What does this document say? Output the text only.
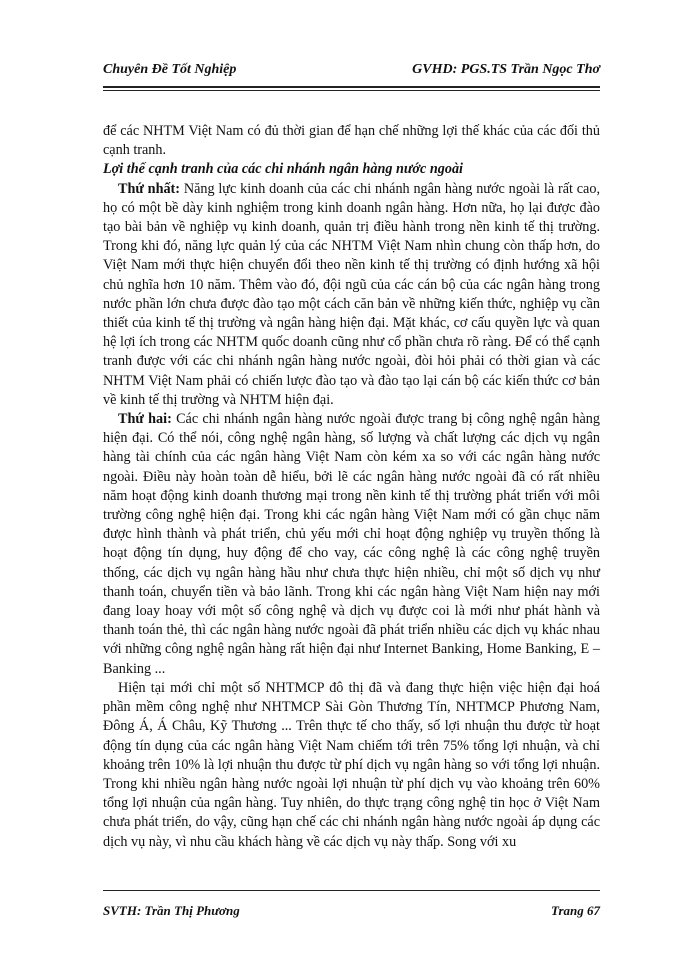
Chuyên Đề Tốt Nghiệp	GVHD: PGS.TS Trần Ngọc Thơ

để các NHTM Việt Nam có đủ thời gian để hạn chế những lợi thế khác của các đối thủ cạnh tranh.

Lợi thế cạnh tranh của các chi nhánh ngân hàng nước ngoài

Thứ nhất: Năng lực kinh doanh của các chi nhánh ngân hàng nước ngoài là rất cao, họ có một bề dày kinh nghiệm trong kinh doanh ngân hàng. Hơn nữa, họ lại được đào tạo bài bản về nghiệp vụ kinh doanh, quản trị điều hành trong nền kinh tế thị trường. Trong khi đó, năng lực quản lý của các NHTM Việt Nam nhìn chung còn thấp hơn, do Việt Nam mới thực hiện chuyển đổi theo nền kinh tế thị trường có định hướng xã hội chủ nghĩa hơn 10 năm. Thêm vào đó, đội ngũ của các cán bộ của các ngân hàng trong nước phần lớn chưa được đào tạo một cách căn bản về những kiến thức, nghiệp vụ cần thiết của kinh tế thị trường và ngân hàng hiện đại. Mặt khác, cơ cấu quyền lực và quan hệ lợi ích trong các NHTM quốc doanh cũng như cổ phần chưa rõ ràng. Để có thể cạnh tranh được với các chi nhánh ngân hàng nước ngoài, đòi hỏi phải có thời gian và các NHTM Việt Nam phải có chiến lược đào tạo và đào tạo lại cán bộ các kiến thức cơ bản về kinh tế thị trường và NHTM hiện đại.

Thứ hai: Các chi nhánh ngân hàng nước ngoài được trang bị công nghệ ngân hàng hiện đại. Có thể nói, công nghệ ngân hàng, số lượng và chất lượng các dịch vụ ngân hàng tài chính của các ngân hàng Việt Nam còn kém xa so với các ngân hàng nước ngoài. Điều này hoàn toàn dễ hiểu, bởi lẽ các ngân hàng nước ngoài đã có rất nhiều năm hoạt động kinh doanh thương mại trong nền kinh tế thị trường phát triển với môi trường công nghệ hiện đại. Trong khi các ngân hàng Việt Nam mới có gần chục năm được hình thành và phát triển, chủ yếu mới chỉ hoạt động nghiệp vụ truyền thống là hoạt động tín dụng, huy động để cho vay, các công nghệ là các công nghệ truyền thống, các dịch vụ ngân hàng hầu như chưa thực hiện nhiều, chỉ một số dịch vụ như thanh toán, chuyển tiền và bảo lãnh. Trong khi các ngân hàng Việt Nam hiện nay mới đang loay hoay với một số công nghệ và dịch vụ được coi là mới như phát hành và thanh toán thẻ, thì các ngân hàng nước ngoài đã phát triển nhiều các dịch vụ khác nhau với những công nghệ ngân hàng rất hiện đại như Internet Banking, Home Banking, E – Banking ...

Hiện tại mới chỉ một số NHTMCP đô thị đã và đang thực hiện việc hiện đại hoá phần mềm công nghệ như NHTMCP Sài Gòn Thương Tín, NHTMCP Phương Nam, Đông Á, Á Châu, Kỹ Thương ... Trên thực tế cho thấy, số lợi nhuận thu được từ hoạt động tín dụng của các ngân hàng Việt Nam chiếm tới trên 75% tổng lợi nhuận, và chỉ khoảng trên 10% là lợi nhuận thu được từ phí dịch vụ ngân hàng so với tổng lợi nhuận. Trong khi nhiều ngân hàng nước ngoài lợi nhuận từ phí dịch vụ vào khoảng trên 60% tổng lợi nhuận của ngân hàng. Tuy nhiên, do thực trạng công nghệ tin học ở Việt Nam chưa phát triển, do vậy, cũng hạn chế các chi nhánh ngân hàng nước ngoài áp dụng các dịch vụ này, vì nhu cầu khách hàng về các dịch vụ này thấp. Song với xu

SVTH: Trần Thị Phương	Trang 67
